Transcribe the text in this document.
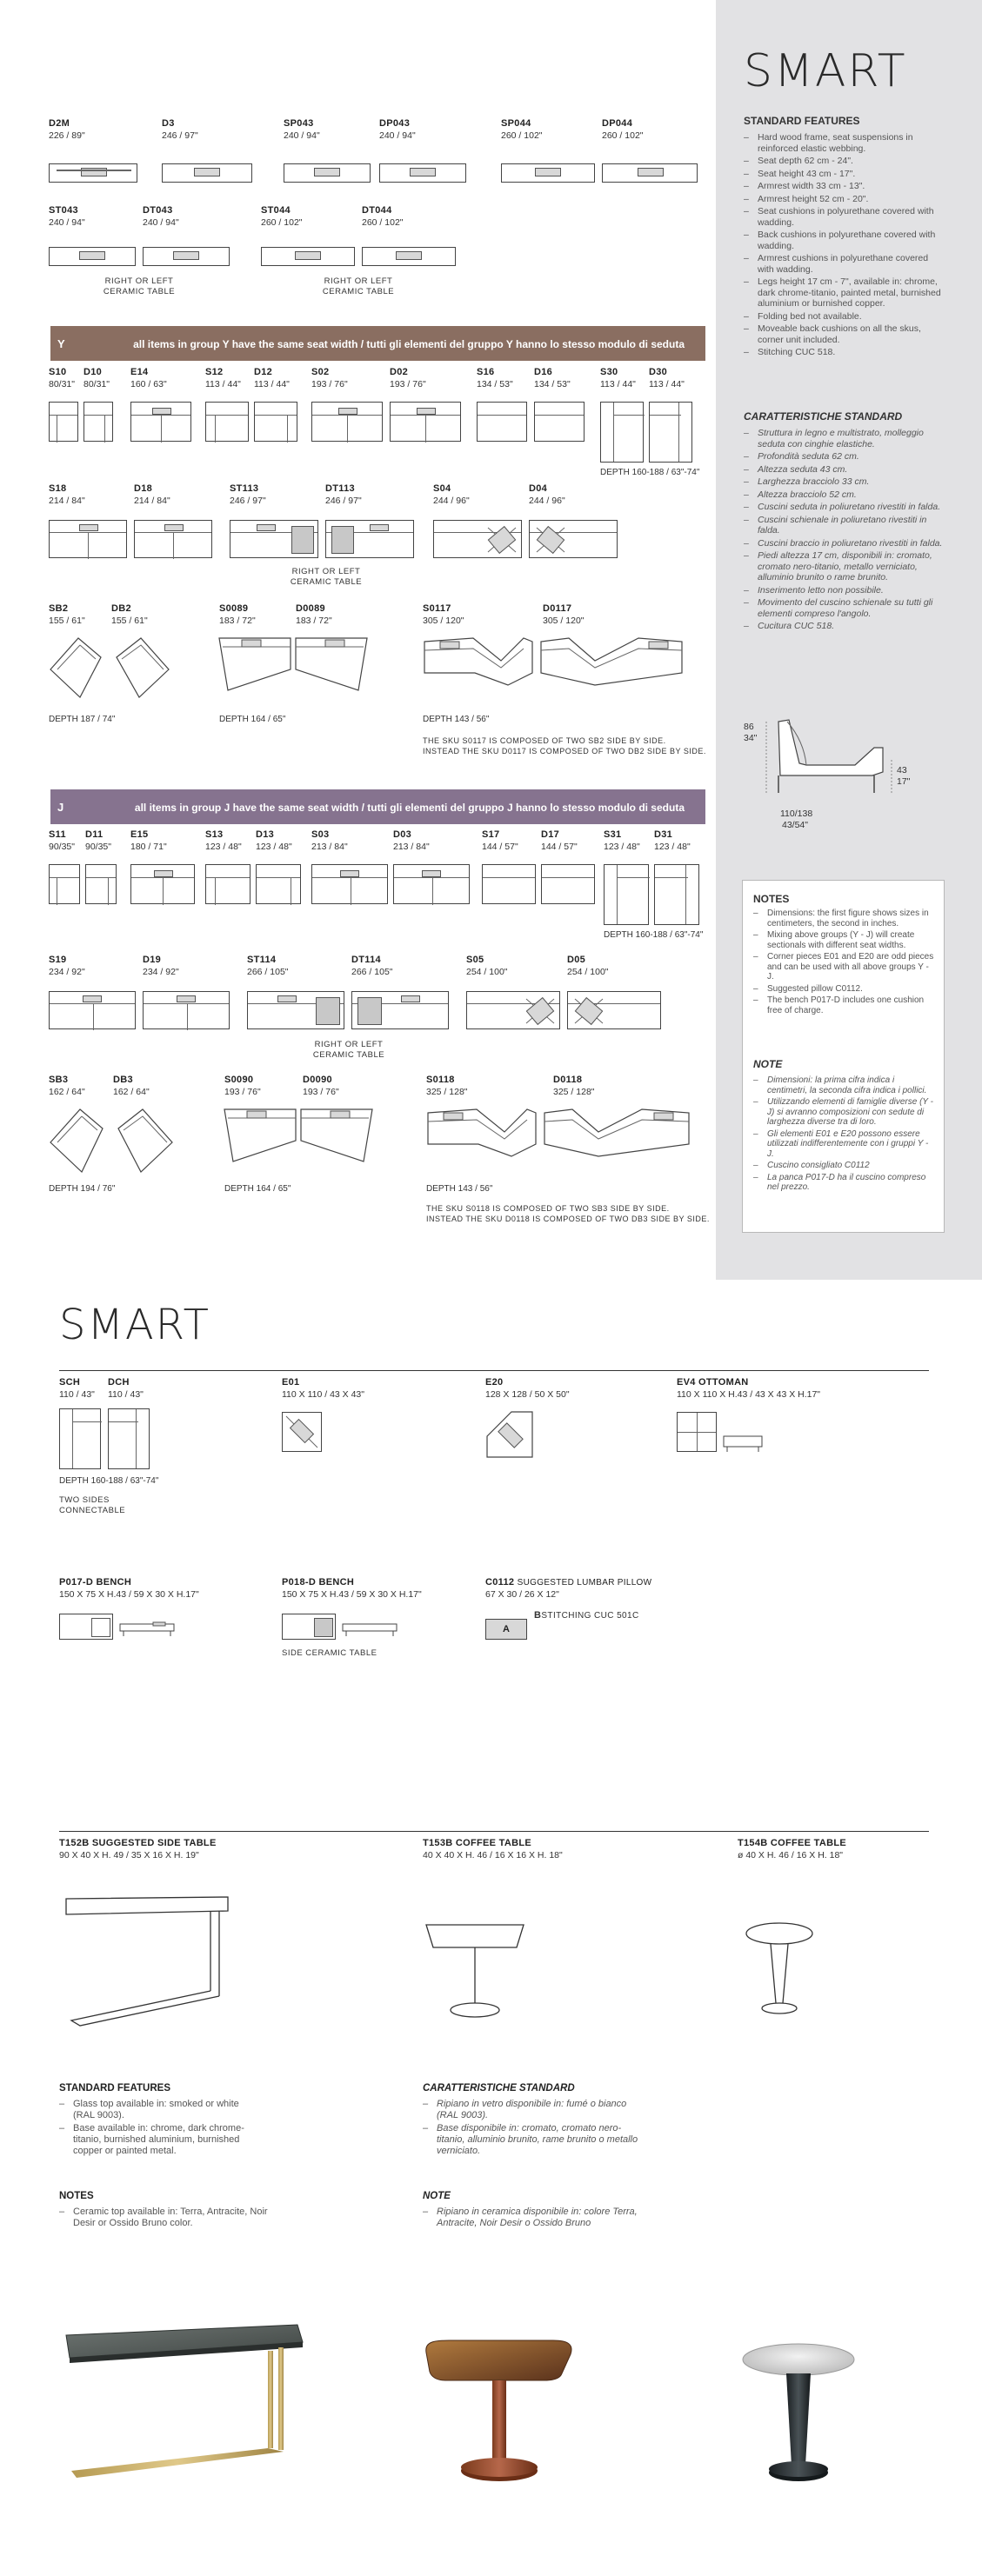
SMART
STANDARD FEATURES
– Hard wood frame, seat suspensions in reinforced elastic webbing.
– Seat depth 62 cm - 24".
– Seat height 43 cm - 17".
– Armrest width 33 cm - 13".
– Armrest height 52 cm - 20".
– Seat cushions in polyurethane covered with wadding.
– Back cushions in polyurethane covered with wadding.
– Armrest cushions in polyurethane covered with wadding.
– Legs height 17 cm - 7", available in: chrome, dark chrome-titanio, painted metal, burnished aluminium or burnished copper.
– Folding bed not available.
– Moveable back cushions on all the skus, corner unit included.
– Stitching CUC 518.
CARATTERISTICHE STANDARD
– Struttura in legno e multistrato, molleggio seduta con cinghie elastiche.
– Profondità seduta 62 cm.
– Altezza seduta 43 cm.
– Larghezza bracciolo 33 cm.
– Altezza bracciolo 52 cm.
– Cuscini seduta in poliuretano rivestiti in falda.
– Cuscini schienale in poliuretano rivestiti in falda.
– Cuscini braccio in poliuretano rivestiti in falda.
– Piedi altezza 17 cm, disponibili in: cromato, cromato nero-titanio, metallo verniciato, alluminio brunito o rame brunito.
– Inserimento letto non possibile.
– Movimento del cuscino schienale su tutti gli elementi compreso l'angolo.
– Cucitura CUC 518.
86
34"
43
17"
110/138
43/54"
NOTES
– Dimensions: the first figure shows sizes in centimeters, the second in inches.
– Mixing above groups (Y - J) will create sectionals with different seat widths.
– Corner pieces E01 and E20 are odd pieces and can be used with all above groups Y - J.
– Suggested pillow C0112.
– The bench P017-D includes one cushion free of charge.
NOTE
– Dimensioni: la prima cifra indica i centimetri, la seconda cifra indica i pollici.
– Utilizzando elementi di famiglie diverse (Y - J) si avranno composizioni con sedute di larghezza diverse tra di loro.
– Gli elementi E01 e E20 possono essere utilizzati indifferentemente con i gruppi Y - J.
– Cuscino consigliato C0112
– La panca P017-D ha il cuscino compreso nel prezzo.
D2M
226 / 89"
D3
246 / 97"
SP043
240 / 94"
DP043
240 / 94"
SP044
260 / 102"
DP044
260 / 102"
ST043
240 / 94"
DT043
240 / 94"
ST044
260 / 102"
DT044
260 / 102"
RIGHT OR LEFT
CERAMIC TABLE
RIGHT OR LEFT
CERAMIC TABLE
Y	all items in group Y have the same seat width / tutti gli elementi del gruppo Y hanno lo stesso modulo di seduta
S10
80/31"
D10
80/31"
E14
160 / 63"
S12
113 / 44"
D12
113 / 44"
S02
193 / 76"
D02
193 / 76"
S16
134 / 53"
D16
134 / 53"
S30
113 / 44"
D30
113 / 44"
DEPTH 160-188 / 63"-74"
S18
214 / 84"
D18
214 / 84"
ST113
246 / 97"
DT113
246 / 97"
S04
244 / 96"
D04
244 / 96"
RIGHT OR LEFT
CERAMIC TABLE
SB2
155 / 61"
DB2
155 / 61"
S0089
183 / 72"
D0089
183 / 72"
S0117
305 / 120"
D0117
305 / 120"
DEPTH 187 / 74"	DEPTH 164 / 65"	DEPTH 143 / 56"
THE SKU S0117 IS COMPOSED OF TWO SB2 SIDE BY SIDE.
INSTEAD THE SKU D0117 IS COMPOSED OF TWO DB2 SIDE BY SIDE.
J	all items in group J have the same seat width / tutti gli elementi del gruppo J hanno lo stesso modulo di seduta
S11
90/35"
D11
90/35"
E15
180 / 71"
S13
123 / 48"
D13
123 / 48"
S03
213 / 84"
D03
213 / 84"
S17
144 / 57"
D17
144 / 57"
S31
123 / 48"
D31
123 / 48"
DEPTH 160-188 / 63"-74"
S19
234 / 92"
D19
234 / 92"
ST114
266 / 105"
DT114
266 / 105"
S05
254 / 100"
D05
254 / 100"
RIGHT OR LEFT
CERAMIC TABLE
SB3
162 / 64"
DB3
162 / 64"
S0090
193 / 76"
D0090
193 / 76"
S0118
325 / 128"
D0118
325 / 128"
DEPTH 194 / 76"	DEPTH 164 / 65"	DEPTH 143 / 56"
THE SKU S0118 IS COMPOSED OF TWO SB3 SIDE BY SIDE.
INSTEAD THE SKU D0118 IS COMPOSED OF TWO DB3 SIDE BY SIDE.
SMART
SCH
110 / 43"
DCH
110 / 43"
DEPTH 160-188 / 63"-74"
TWO SIDES
CONNECTABLE
E01
110 X 110 / 43 X 43"
E20
128 X 128 / 50 X 50"
EV4 OTTOMAN
110 X 110 X H.43 / 43 X 43 X H.17"
P017-D BENCH
150 X 75 X H.43 / 59 X 30 X H.17"
P018-D BENCH
150 X 75 X H.43 / 59 X 30 X H.17"
SIDE CERAMIC TABLE
C0112 SUGGESTED LUMBAR PILLOW
67 X 30 / 26 X 12"
A
BSTITCHING CUC 501C
T152B SUGGESTED SIDE TABLE
90 X 40 X H. 49 / 35 X 16 X H. 19"
T153B COFFEE TABLE
40 X 40 X H. 46 / 16 X 16 X H. 18"
T154B COFFEE TABLE
ø 40 X H. 46 / 16 X H. 18"
STANDARD FEATURES
– Glass top available in: smoked or white (RAL 9003).
– Base available in: chrome, dark chrome-titanio, burnished aluminium, burnished copper or painted metal.
CARATTERISTICHE STANDARD
– Ripiano in vetro disponibile in: fumé o bianco (RAL 9003).
– Base disponibile in: cromato, cromato nero-titanio, alluminio brunito, rame brunito o metallo verniciato.
NOTES
– Ceramic top available in: Terra, Antracite, Noir Desir or Ossido Bruno color.
NOTE
– Ripiano in ceramica disponibile in: colore Terra, Antracite, Noir Desir o Ossido Bruno
